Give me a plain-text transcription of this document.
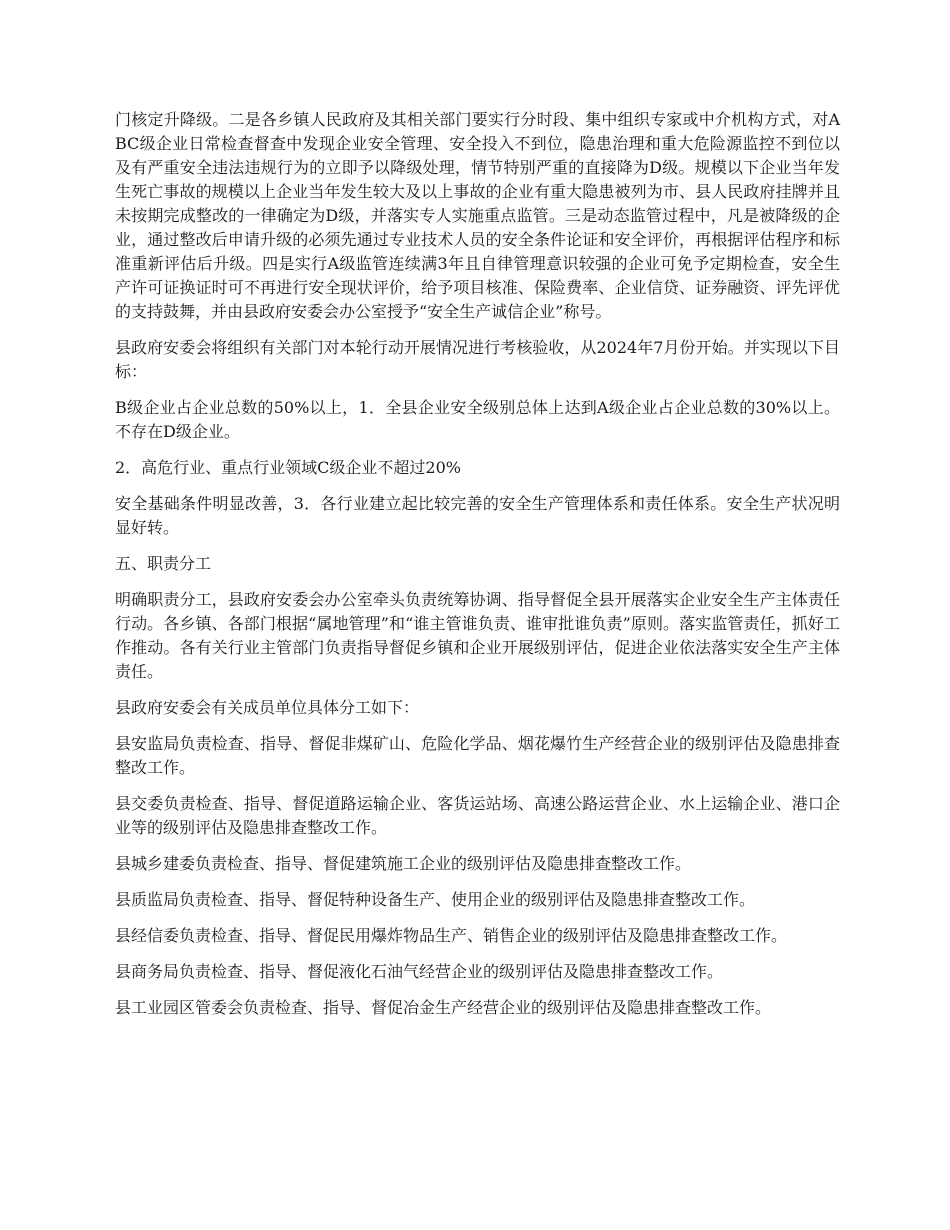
门核定升降级。二是各乡镇人民政府及其相关部门要实行分时段、集中组织专家或中介机构方式，对ABC级企业日常检查督查中发现企业安全管理、安全投入不到位，隐患治理和重大危险源监控不到位以及有严重安全违法违规行为的立即予以降级处理，情节特别严重的直接降为D级。规模以下企业当年发生死亡事故的规模以上企业当年发生较大及以上事故的企业有重大隐患被列为市、县人民政府挂牌并且未按期完成整改的一律确定为D级，并落实专人实施重点监管。三是动态监管过程中，凡是被降级的企业，通过整改后申请升级的必须先通过专业技术人员的安全条件论证和安全评价，再根据评估程序和标准重新评估后升级。四是实行A级监管连续满3年且自律管理意识较强的企业可免予定期检查，安全生产许可证换证时可不再进行安全现状评价，给予项目核准、保险费率、企业信贷、证券融资、评先评优的支持鼓舞，并由县政府安委会办公室授予“安全生产诚信企业”称号。

县政府安委会将组织有关部门对本轮行动开展情况进行考核验收，从2024年7月份开始。并实现以下目标：

B级企业占企业总数的50%以上，1．全县企业安全级别总体上达到A级企业占企业总数的30%以上。不存在D级企业。

2．高危行业、重点行业领域C级企业不超过20%

安全基础条件明显改善，3．各行业建立起比较完善的安全生产管理体系和责任体系。安全生产状况明显好转。

五、职责分工

明确职责分工，县政府安委会办公室牵头负责统筹协调、指导督促全县开展落实企业安全生产主体责任行动。各乡镇、各部门根据“属地管理”和“谁主管谁负责、谁审批谁负责”原则。落实监管责任，抓好工作推动。各有关行业主管部门负责指导督促乡镇和企业开展级别评估，促进企业依法落实安全生产主体责任。

县政府安委会有关成员单位具体分工如下：

县安监局负责检查、指导、督促非煤矿山、危险化学品、烟花爆竹生产经营企业的级别评估及隐患排查整改工作。

县交委负责检查、指导、督促道路运输企业、客货运站场、高速公路运营企业、水上运输企业、港口企业等的级别评估及隐患排查整改工作。

县城乡建委负责检查、指导、督促建筑施工企业的级别评估及隐患排查整改工作。

县质监局负责检查、指导、督促特种设备生产、使用企业的级别评估及隐患排查整改工作。

县经信委负责检查、指导、督促民用爆炸物品生产、销售企业的级别评估及隐患排查整改工作。

县商务局负责检查、指导、督促液化石油气经营企业的级别评估及隐患排查整改工作。

县工业园区管委会负责检查、指导、督促冶金生产经营企业的级别评估及隐患排查整改工作。
